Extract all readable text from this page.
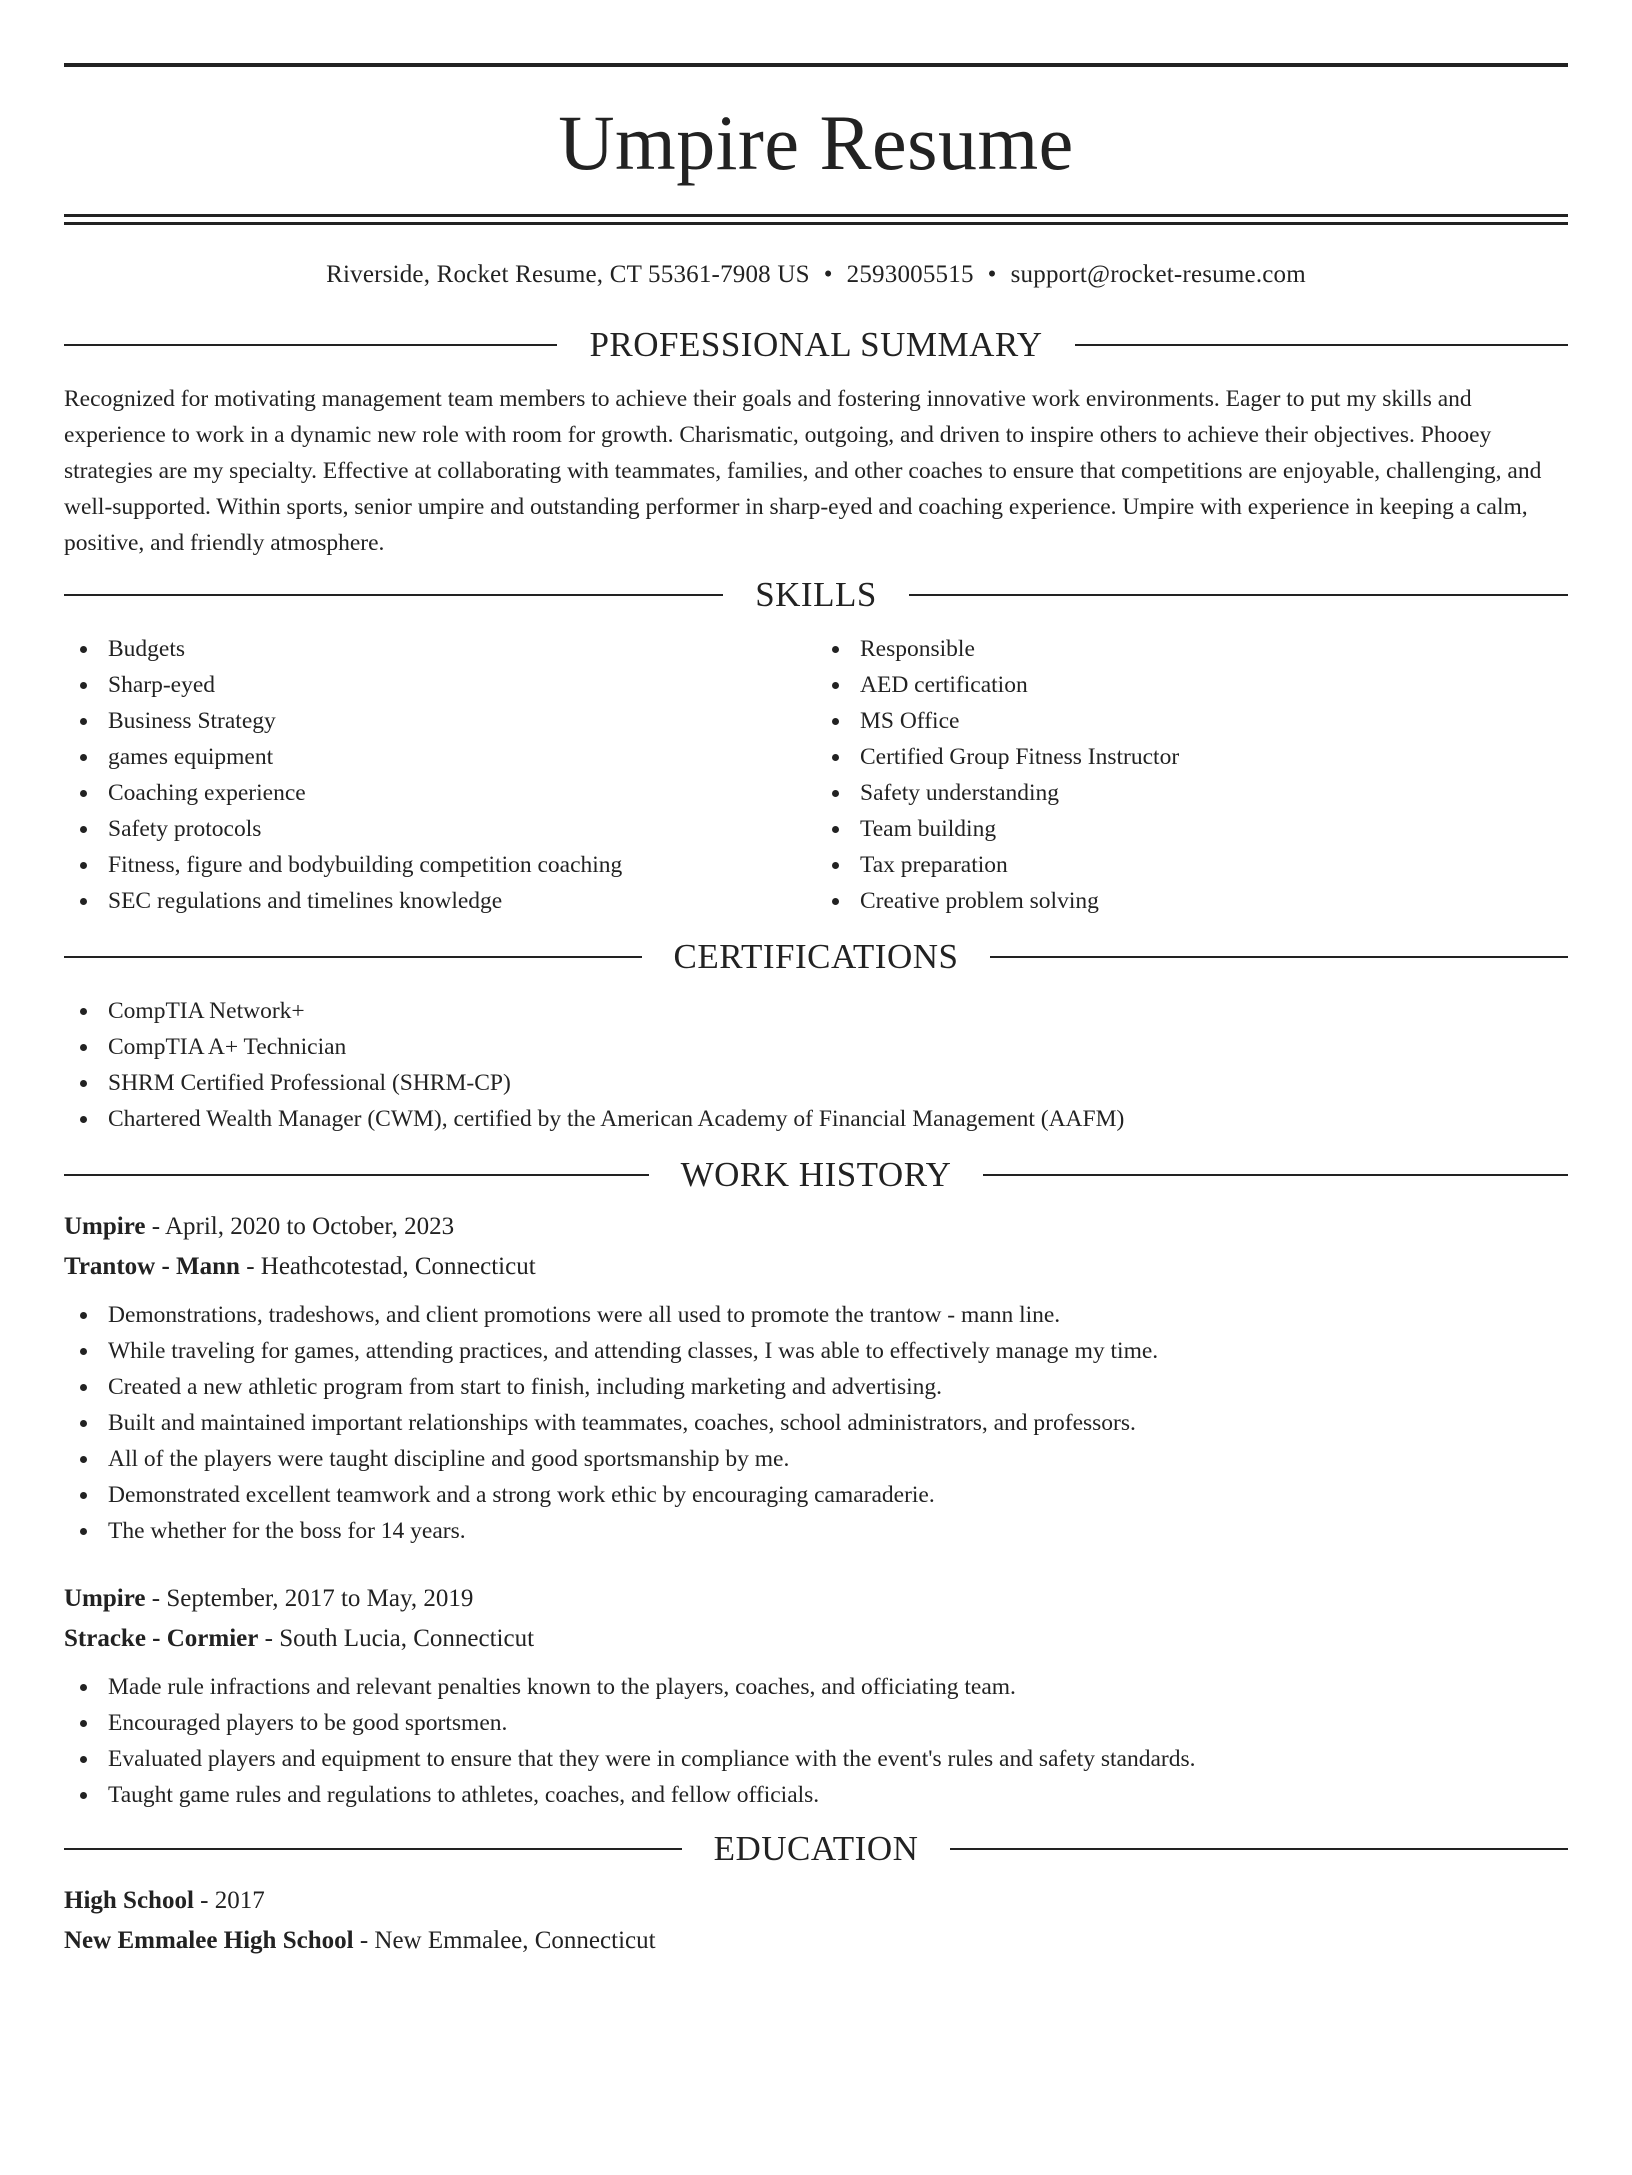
Umpire Resume
Riverside, Rocket Resume, CT 55361-7908 US • 2593005515 • support@rocket-resume.com
PROFESSIONAL SUMMARY

Recognized for motivating management team members to achieve their goals and fostering innovative work environments. Eager to put my skills and experience to work in a dynamic new role with room for growth. Charismatic, outgoing, and driven to inspire others to achieve their objectives. Phooey strategies are my specialty. Effective at collaborating with teammates, families, and other coaches to ensure that competitions are enjoyable, challenging, and well-supported. Within sports, senior umpire and outstanding performer in sharp-eyed and coaching experience. Umpire with experience in keeping a calm, positive, and friendly atmosphere.

SKILLS
Budgets
Sharp-eyed
Business Strategy
games equipment
Coaching experience
Safety protocols
Fitness, figure and bodybuilding competition coaching
SEC regulations and timelines knowledge
Responsible
AED certification
MS Office
Certified Group Fitness Instructor
Safety understanding
Team building
Tax preparation
Creative problem solving
CERTIFICATIONS
CompTIA Network+
CompTIA A+ Technician
SHRM Certified Professional (SHRM-CP)
Chartered Wealth Manager (CWM), certified by the American Academy of Financial Management (AAFM)
WORK HISTORY
Umpire - April, 2020 to October, 2023
Trantow - Mann - Heathcotestad, Connecticut
Demonstrations, tradeshows, and client promotions were all used to promote the trantow - mann line.
While traveling for games, attending practices, and attending classes, I was able to effectively manage my time.
Created a new athletic program from start to finish, including marketing and advertising.
Built and maintained important relationships with teammates, coaches, school administrators, and professors.
All of the players were taught discipline and good sportsmanship by me.
Demonstrated excellent teamwork and a strong work ethic by encouraging camaraderie.
The whether for the boss for 14 years.
Umpire - September, 2017 to May, 2019
Stracke - Cormier - South Lucia, Connecticut
Made rule infractions and relevant penalties known to the players, coaches, and officiating team.
Encouraged players to be good sportsmen.
Evaluated players and equipment to ensure that they were in compliance with the event's rules and safety standards.
Taught game rules and regulations to athletes, coaches, and fellow officials.
EDUCATION
High School - 2017
New Emmalee High School - New Emmalee, Connecticut
